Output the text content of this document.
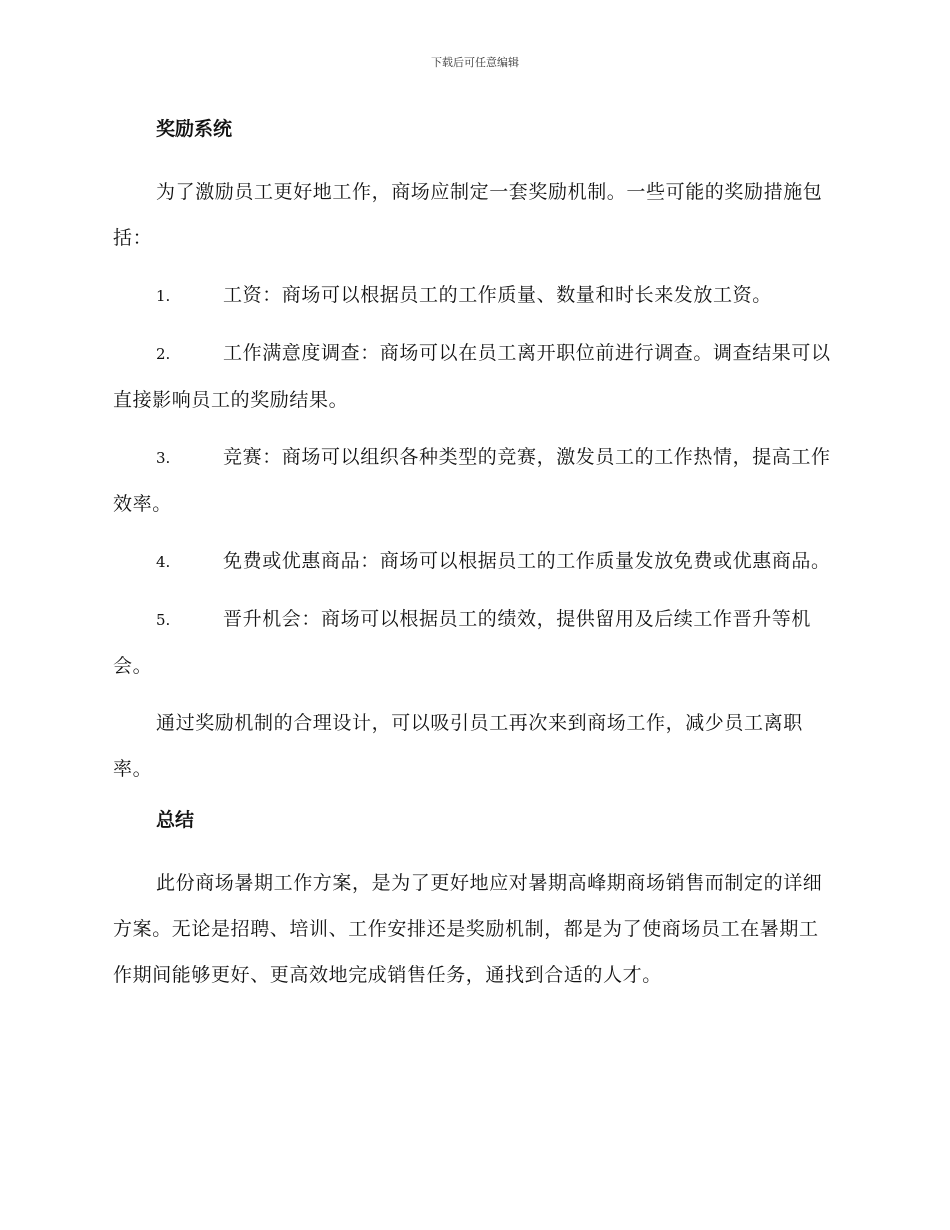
下载后可任意编辑
奖励系统

为了激励员工更好地工作，商场应制定一套奖励机制。一些可能的奖励措施包括：

1.	工资：商场可以根据员工的工作质量、数量和时长来发放工资。

2.	工作满意度调查：商场可以在员工离开职位前进行调查。调查结果可以直接影响员工的奖励结果。

3.	竞赛：商场可以组织各种类型的竞赛，激发员工的工作热情，提高工作效率。

4.	免费或优惠商品：商场可以根据员工的工作质量发放免费或优惠商品。

5.	晋升机会：商场可以根据员工的绩效，提供留用及后续工作晋升等机会。

通过奖励机制的合理设计，可以吸引员工再次来到商场工作，减少员工离职率。

总结

此份商场暑期工作方案，是为了更好地应对暑期高峰期商场销售而制定的详细方案。无论是招聘、培训、工作安排还是奖励机制，都是为了使商场员工在暑期工作期间能够更好、更高效地完成销售任务，通找到合适的人才。
